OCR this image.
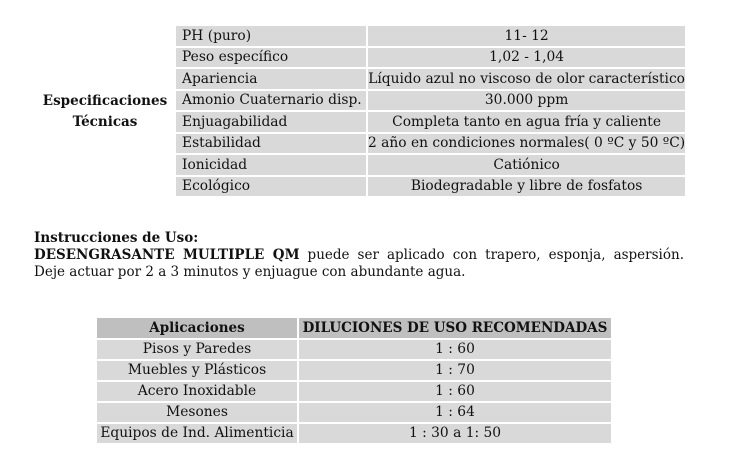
Especificaciones
Técnicas
PH (puro)	11- 12
Peso específico	1,02 - 1,04
Apariencia	Líquido azul no viscoso de olor característico
Amonio Cuaternario disp.	30.000 ppm
Enjuagabilidad	Completa tanto en agua fría y caliente
Estabilidad	2 año en condiciones normales( 0 ºC y 50 ºC)
Ionicidad	Catiónico
Ecológico	Biodegradable y libre de fosfatos
Instrucciones de Uso:

DESENGRASANTE MULTIPLE QM puede ser aplicado con trapero, esponja, aspersión. Deje actuar por 2 a 3 minutos y enjuague con abundante agua.

Aplicaciones	DILUCIONES DE USO RECOMENDADAS
Pisos y Paredes	1 : 60
Muebles y Plásticos	1 : 70
Acero Inoxidable	1 : 60
Mesones	1 : 64
Equipos de Ind. Alimenticia	1 : 30 a 1: 50
